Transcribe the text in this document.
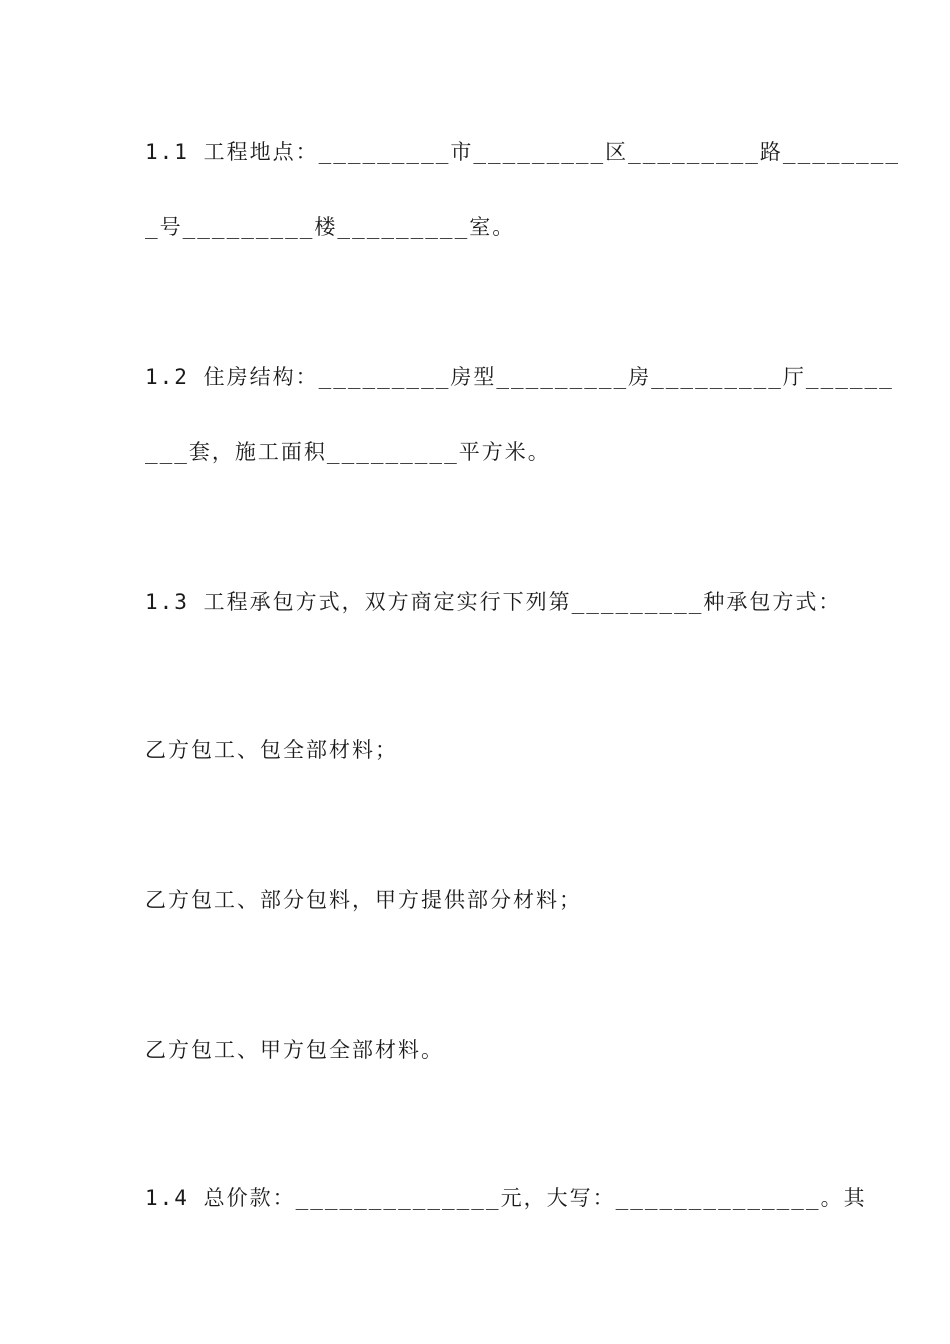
1.1 工程地点：_________市_________区_________路________
_号_________楼_________室。
1.2 住房结构：_________房型_________房_________厅______
___套，施工面积_________平方米。
1.3 工程承包方式，双方商定实行下列第_________种承包方式：
乙方包工、包全部材料；
乙方包工、部分包料，甲方提供部分材料；
乙方包工、甲方包全部材料。
1.4 总价款：______________元，大写：______________。其
